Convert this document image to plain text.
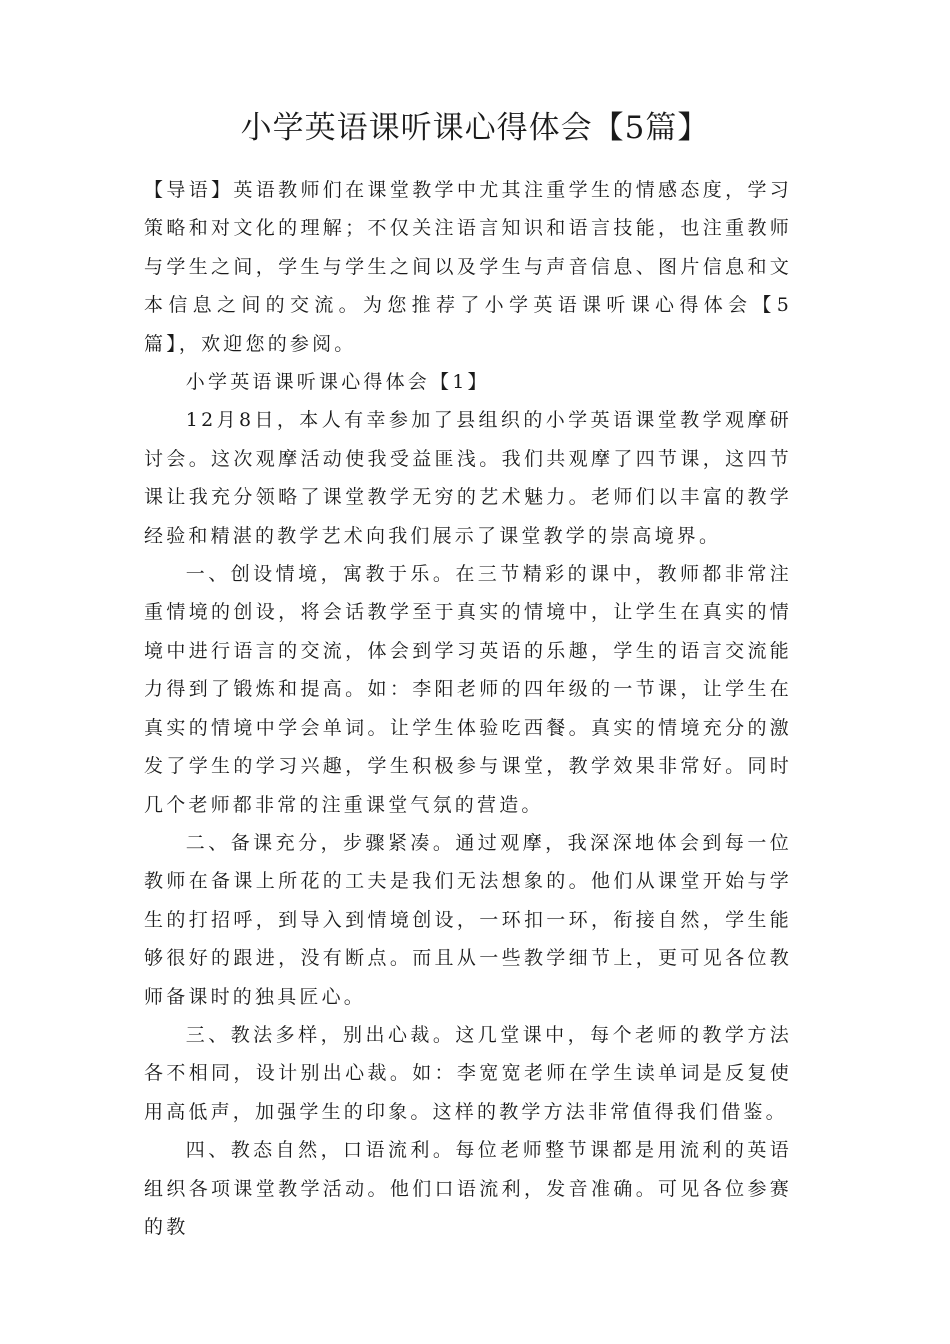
小学英语课听课心得体会【5篇】

【导语】英语教师们在课堂教学中尤其注重学生的情感态度，学习策略和对文化的理解；不仅关注语言知识和语言技能，也注重教师与学生之间，学生与学生之间以及学生与声音信息、图片信息和文本信息之间的交流。为您推荐了小学英语课听课心得体会【5篇】，欢迎您的参阅。

小学英语课听课心得体会【1】

12月8日，本人有幸参加了县组织的小学英语课堂教学观摩研讨会。这次观摩活动使我受益匪浅。我们共观摩了四节课，这四节课让我充分领略了课堂教学无穷的艺术魅力。老师们以丰富的教学经验和精湛的教学艺术向我们展示了课堂教学的崇高境界。

一、创设情境，寓教于乐。在三节精彩的课中，教师都非常注重情境的创设，将会话教学至于真实的情境中，让学生在真实的情境中进行语言的交流，体会到学习英语的乐趣，学生的语言交流能力得到了锻炼和提高。如：李阳老师的四年级的一节课，让学生在真实的情境中学会单词。让学生体验吃西餐。真实的情境充分的激发了学生的学习兴趣，学生积极参与课堂，教学效果非常好。同时几个老师都非常的注重课堂气氛的营造。

二、备课充分，步骤紧凑。通过观摩，我深深地体会到每一位教师在备课上所花的工夫是我们无法想象的。他们从课堂开始与学生的打招呼，到导入到情境创设，一环扣一环，衔接自然，学生能够很好的跟进，没有断点。而且从一些教学细节上，更可见各位教师备课时的独具匠心。

三、教法多样，别出心裁。这几堂课中，每个老师的教学方法各不相同，设计别出心裁。如：李宽宽老师在学生读单词是反复使用高低声，加强学生的印象。这样的教学方法非常值得我们借鉴。

四、教态自然，口语流利。每位老师整节课都是用流利的英语组织各项课堂教学活动。他们口语流利，发音准确。可见各位参赛的教
